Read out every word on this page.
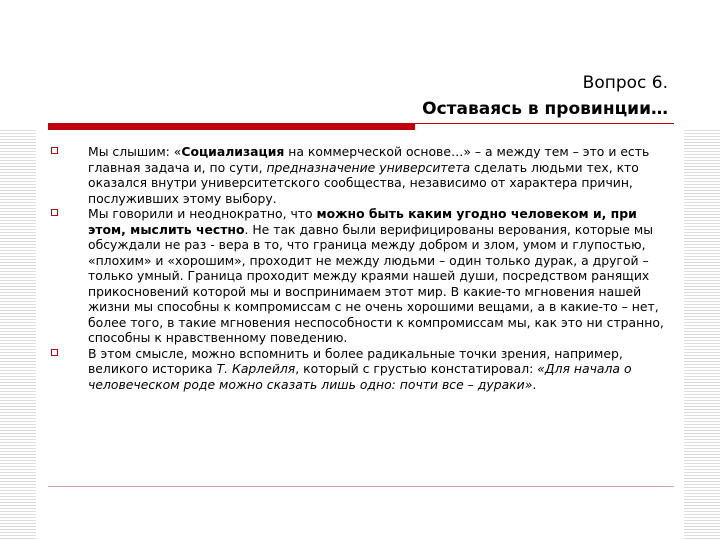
Вопрос 6.
Оставаясь в провинции…
Мы слышим: «Социализация на коммерческой основе…» – а между тем – это и есть главная задача и, по сути, предназначение университета сделать людьми тех, кто оказался внутри университетского сообщества, независимо от характера причин, послуживших этому выбору.
Мы говорили и неоднократно, что можно быть каким угодно человеком и, при этом, мыслить честно. Не так давно были верифицированы верования, которые мы обсуждали не раз - вера в то, что граница между добром и злом, умом и глупостью, «плохим» и «хорошим», проходит не между людьми – один только дурак, а другой – только умный. Граница проходит между краями нашей души, посредством ранящих прикосновений которой мы и воспринимаем этот мир. В какие-то мгновения нашей жизни мы способны к компромиссам с не очень хорошими вещами, а в какие-то – нет, более того, в такие мгновения неспособности к компромиссам мы, как это ни странно, способны к нравственному поведению.
В этом смысле, можно вспомнить и более радикальные точки зрения, например, великого историка Т. Карлейля, который с грустью констатировал: «Для начала о человеческом роде можно сказать лишь одно: почти все – дураки».
